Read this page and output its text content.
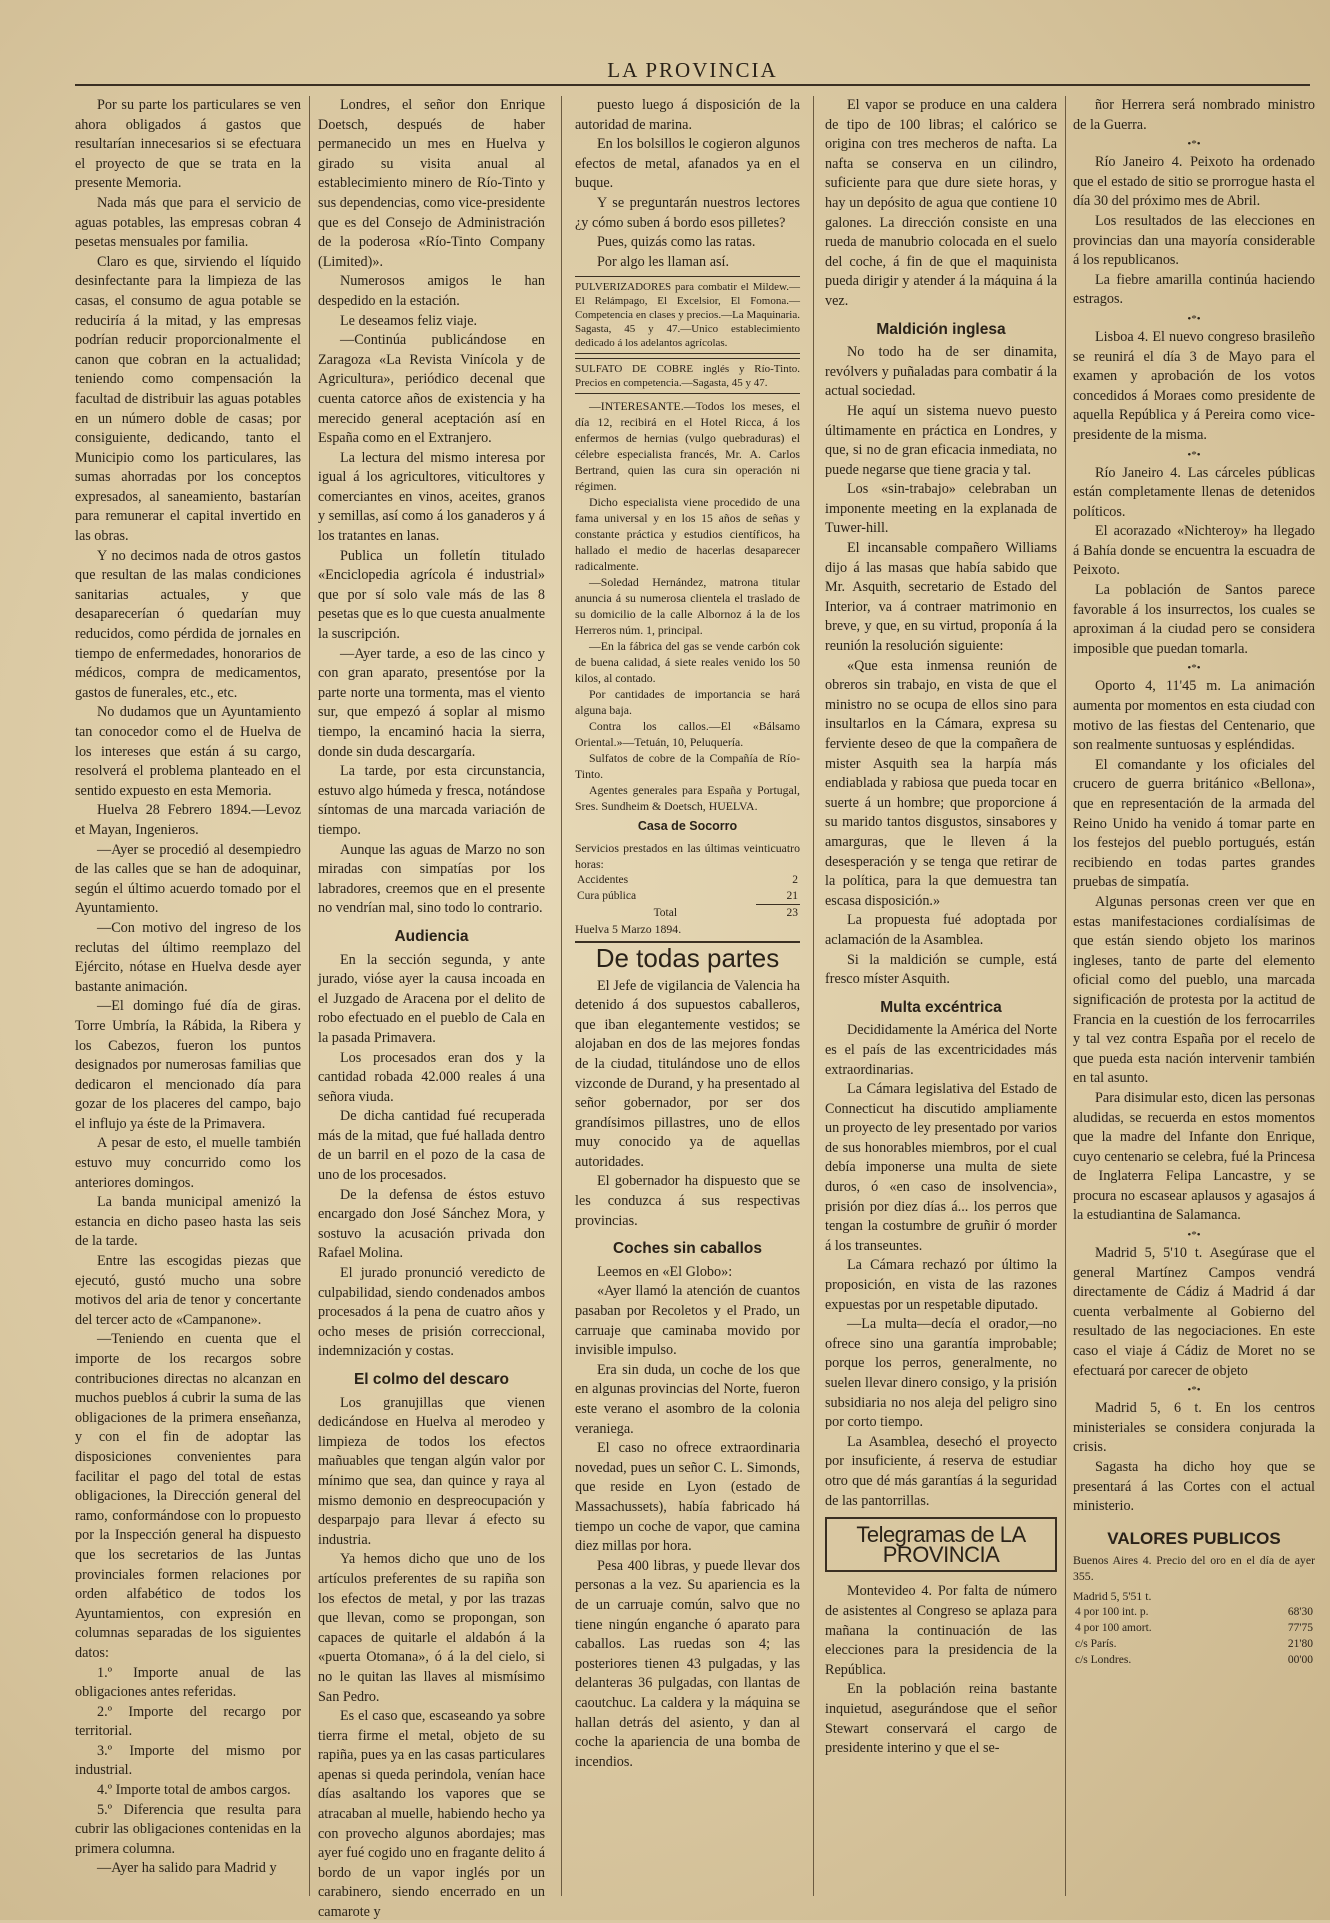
LA PROVINCIA

Por su parte los particulares se ven ahora obligados á gastos que resultarían innecesarios si se efectuara el proyecto de que se trata en la presente Memoria.

Nada más que para el servicio de aguas potables, las empresas cobran 4 pesetas mensuales por familia.

Claro es que, sirviendo el líquido desinfectante para la limpieza de las casas, el consumo de agua potable se reduciría á la mitad, y las empresas podrían reducir proporcionalmente el canon que cobran en la actualidad; teniendo como compensación la facultad de distribuir las aguas potables en un número doble de casas; por consiguiente, dedicando, tanto el Municipio como los particulares, las sumas ahorradas por los conceptos expresados, al saneamiento, bastarían para remunerar el capital invertido en las obras.

Y no decimos nada de otros gastos que resultan de las malas condiciones sanitarias actuales, y que desaparecerían ó quedarían muy reducidos, como pérdida de jornales en tiempo de enfermedades, honorarios de médicos, compra de medicamentos, gastos de funerales, etc., etc.

No dudamos que un Ayuntamiento tan conocedor como el de Huelva de los intereses que están á su cargo, resolverá el problema planteado en el sentido expuesto en esta Memoria.

Huelva 28 Febrero 1894.—Levoz et Mayan, Ingenieros.

—Ayer se procedió al desempiedro de las calles que se han de adoquinar, según el último acuerdo tomado por el Ayuntamiento.

—Con motivo del ingreso de los reclutas del último reemplazo del Ejército, nótase en Huelva desde ayer bastante animación.

—El domingo fué día de giras. Torre Umbría, la Rábida, la Ribera y los Cabezos, fueron los puntos designados por numerosas familias que dedicaron el mencionado día para gozar de los placeres del campo, bajo el influjo ya éste de la Primavera.

A pesar de esto, el muelle también estuvo muy concurrido como los anteriores domingos.

La banda municipal amenizó la estancia en dicho paseo hasta las seis de la tarde.

Entre las escogidas piezas que ejecutó, gustó mucho una sobre motivos del aria de tenor y concertante del tercer acto de «Campanone».

—Teniendo en cuenta que el importe de los recargos sobre contribuciones directas no alcanzan en muchos pueblos á cubrir la suma de las obligaciones de la primera enseñanza, y con el fin de adoptar las disposiciones convenientes para facilitar el pago del total de estas obligaciones, la Dirección general del ramo, conformándose con lo propuesto por la Inspección general ha dispuesto que los secretarios de las Juntas provinciales formen relaciones por orden alfabético de todos los Ayuntamientos, con expresión en columnas separadas de los siguientes datos:

1.º Importe anual de las obligaciones antes referidas.

2.º Importe del recargo por territorial.

3.º Importe del mismo por industrial.

4.º Importe total de ambos cargos.

5.º Diferencia que resulta para cubrir las obligaciones contenidas en la primera columna.

—Ayer ha salido para Madrid y

Londres, el señor don Enrique Doetsch, después de haber permanecido un mes en Huelva y girado su visita anual al establecimiento minero de Río-Tinto y sus dependencias, como vice-presidente que es del Consejo de Administración de la poderosa «Río-Tinto Company (Limited)».

Numerosos amigos le han despedido en la estación.

Le deseamos feliz viaje.

—Continúa publicándose en Zaragoza «La Revista Vinícola y de Agricultura», periódico decenal que cuenta catorce años de existencia y ha merecido general aceptación así en España como en el Extranjero.

La lectura del mismo interesa por igual á los agricultores, viticultores y comerciantes en vinos, aceites, granos y semillas, así como á los ganaderos y á los tratantes en lanas.

Publica un folletín titulado «Enciclopedia agrícola é industrial» que por sí solo vale más de las 8 pesetas que es lo que cuesta anualmente la suscripción.

—Ayer tarde, a eso de las cinco y con gran aparato, presentóse por la parte norte una tormenta, mas el viento sur, que empezó á soplar al mismo tiempo, la encaminó hacia la sierra, donde sin duda descargaría.

La tarde, por esta circunstancia, estuvo algo húmeda y fresca, notándose síntomas de una marcada variación de tiempo.

Aunque las aguas de Marzo no son miradas con simpatías por los labradores, creemos que en el presente no vendrían mal, sino todo lo contrario.

Audiencia

En la sección segunda, y ante jurado, vióse ayer la causa incoada en el Juzgado de Aracena por el delito de robo efectuado en el pueblo de Cala en la pasada Primavera.

Los procesados eran dos y la cantidad robada 42.000 reales á una señora viuda.

De dicha cantidad fué recuperada más de la mitad, que fué hallada dentro de un barril en el pozo de la casa de uno de los procesados.

De la defensa de éstos estuvo encargado don José Sánchez Mora, y sostuvo la acusación privada don Rafael Molina.

El jurado pronunció veredicto de culpabilidad, siendo condenados ambos procesados á la pena de cuatro años y ocho meses de prisión correccional, indemnización y costas.

El colmo del descaro

Los granujillas que vienen dedicándose en Huelva al merodeo y limpieza de todos los efectos mañuables que tengan algún valor por mínimo que sea, dan quince y raya al mismo demonio en despreocupación y desparpajo para llevar á efecto su industria.

Ya hemos dicho que uno de los artículos preferentes de su rapiña son los efectos de metal, y por las trazas que llevan, como se propongan, son capaces de quitarle el aldabón á la «puerta Otomana», ó á la del cielo, si no le quitan las llaves al mismísimo San Pedro.

Es el caso que, escaseando ya sobre tierra firme el metal, objeto de su rapiña, pues ya en las casas particulares apenas si queda perindola, venían hace días asaltando los vapores que se atracaban al muelle, habiendo hecho ya con provecho algunos abordajes; mas ayer fué cogido uno en fragante delito á bordo de un vapor inglés por un carabinero, siendo encerrado en un camarote y

puesto luego á disposición de la autoridad de marina.

En los bolsillos le cogieron algunos efectos de metal, afanados ya en el buque.

Y se preguntarán nuestros lectores ¿y cómo suben á bordo esos pilletes?

Pues, quizás como las ratas.

Por algo les llaman así.

PULVERIZADORES para combatir el Mildew.—El Relámpago, El Excelsior, El Fomona.—Competencia en clases y precios.—La Maquinaria. Sagasta, 45 y 47.—Unico establecimiento dedicado á los adelantos agrícolas.
SULFATO DE COBRE inglés y Río-Tinto. Precios en competencia.—Sagasta, 45 y 47.

—INTERESANTE.—Todos los meses, el día 12, recibirá en el Hotel Ricca, á los enfermos de hernias (vulgo quebraduras) el célebre especialista francés, Mr. A. Carlos Bertrand, quien las cura sin operación ni régimen.

Dicho especialista viene procedido de una fama universal y en los 15 años de señas y constante práctica y estudios científicos, ha hallado el medio de hacerlas desaparecer radicalmente.

—Soledad Hernández, matrona titular anuncia á su numerosa clientela el traslado de su domicilio de la calle Albornoz á la de los Herreros núm. 1, principal.

—En la fábrica del gas se vende carbón cok de buena calidad, á siete reales venido los 50 kilos, al contado.

Por cantidades de importancia se hará alguna baja.

Contra los callos.—El «Bálsamo Oriental.»—Tetuán, 10, Peluquería.

Sulfatos de cobre de la Compañía de Río-Tinto.

Agentes generales para España y Portugal, Sres. Sundheim & Doetsch, HUELVA.

Casa de Socorro
Servicios prestados en las últimas veinticuatro horas:
Accidentes	2
Cura pública	21
Total	23
Huelva 5 Marzo 1894.
De todas partes

El Jefe de vigilancia de Valencia ha detenido á dos supuestos caballeros, que iban elegantemente vestidos; se alojaban en dos de las mejores fondas de la ciudad, titulándose uno de ellos vizconde de Durand, y ha presentado al señor gobernador, por ser dos grandísimos pillastres, uno de ellos muy conocido ya de aquellas autoridades.

El gobernador ha dispuesto que se les conduzca á sus respectivas provincias.

Coches sin caballos

Leemos en «El Globo»:

«Ayer llamó la atención de cuantos pasaban por Recoletos y el Prado, un carruaje que caminaba movido por invisible impulso.

Era sin duda, un coche de los que en algunas provincias del Norte, fueron este verano el asombro de la colonia veraniega.

El caso no ofrece extraordinaria novedad, pues un señor C. L. Simonds, que reside en Lyon (estado de Massachussets), había fabricado há tiempo un coche de vapor, que camina diez millas por hora.

Pesa 400 libras, y puede llevar dos personas a la vez. Su apariencia es la de un carruaje común, salvo que no tiene ningún enganche ó aparato para caballos. Las ruedas son 4; las posteriores tienen 43 pulgadas, y las delanteras 36 pulgadas, con llantas de caoutchuc. La caldera y la máquina se hallan detrás del asiento, y dan al coche la apariencia de una bomba de incendios.

El vapor se produce en una caldera de tipo de 100 libras; el calórico se origina con tres mecheros de nafta. La nafta se conserva en un cilindro, suficiente para que dure siete horas, y hay un depósito de agua que contiene 10 galones. La dirección consiste en una rueda de manubrio colocada en el suelo del coche, á fin de que el maquinista pueda dirigir y atender á la máquina á la vez.

Maldición inglesa

No todo ha de ser dinamita, revólvers y puñaladas para combatir á la actual sociedad.

He aquí un sistema nuevo puesto últimamente en práctica en Londres, y que, si no de gran eficacia inmediata, no puede negarse que tiene gracia y tal.

Los «sin-trabajo» celebraban un imponente meeting en la explanada de Tuwer-hill.

El incansable compañero Williams dijo á las masas que había sabido que Mr. Asquith, secretario de Estado del Interior, va á contraer matrimonio en breve, y que, en su virtud, proponía á la reunión la resolución siguiente:

«Que esta inmensa reunión de obreros sin trabajo, en vista de que el ministro no se ocupa de ellos sino para insultarlos en la Cámara, expresa su ferviente deseo de que la compañera de mister Asquith sea la harpía más endiablada y rabiosa que pueda tocar en suerte á un hombre; que proporcione á su marido tantos disgustos, sinsabores y amarguras, que le lleven á la desesperación y se tenga que retirar de la política, para la que demuestra tan escasa disposición.»

La propuesta fué adoptada por aclamación de la Asamblea.

Si la maldición se cumple, está fresco míster Asquith.

Multa excéntrica

Decididamente la América del Norte es el país de las excentricidades más extraordinarias.

La Cámara legislativa del Estado de Connecticut ha discutido ampliamente un proyecto de ley presentado por varios de sus honorables miembros, por el cual debía imponerse una multa de siete duros, ó «en caso de insolvencia», prisión por diez días á... los perros que tengan la costumbre de gruñir ó morder á los transeuntes.

La Cámara rechazó por último la proposición, en vista de las razones expuestas por un respetable diputado.

—La multa—decía el orador,—no ofrece sino una garantía improbable; porque los perros, generalmente, no suelen llevar dinero consigo, y la prisión subsidiaria no nos aleja del peligro sino por corto tiempo.

La Asamblea, desechó el proyecto por insuficiente, á reserva de estudiar otro que dé más garantías á la seguridad de las pantorrillas.

Telegramas de LA PROVINCIA

Montevideo 4. Por falta de número de asistentes al Congreso se aplaza para mañana la continuación de las elecciones para la presidencia de la República.

En la población reina bastante inquietud, asegurándose que el señor Stewart conservará el cargo de presidente interino y que el se-

ñor Herrera será nombrado ministro de la Guerra.

•*•

Río Janeiro 4. Peixoto ha ordenado que el estado de sitio se prorrogue hasta el día 30 del próximo mes de Abril.

Los resultados de las elecciones en provincias dan una mayoría considerable á los republicanos.

La fiebre amarilla continúa haciendo estragos.

•*•

Lisboa 4. El nuevo congreso brasileño se reunirá el día 3 de Mayo para el examen y aprobación de los votos concedidos á Moraes como presidente de aquella República y á Pereira como vice-presidente de la misma.

•*•

Río Janeiro 4. Las cárceles públicas están completamente llenas de detenidos políticos.

El acorazado «Nichteroy» ha llegado á Bahía donde se encuentra la escuadra de Peixoto.

La población de Santos parece favorable á los insurrectos, los cuales se aproximan á la ciudad pero se considera imposible que puedan tomarla.

•*•

Oporto 4, 11'45 m. La animación aumenta por momentos en esta ciudad con motivo de las fiestas del Centenario, que son realmente suntuosas y espléndidas.

El comandante y los oficiales del crucero de guerra británico «Bellona», que en representación de la armada del Reino Unido ha venido á tomar parte en los festejos del pueblo portugués, están recibiendo en todas partes grandes pruebas de simpatía.

Algunas personas creen ver que en estas manifestaciones cordialísimas de que están siendo objeto los marinos ingleses, tanto de parte del elemento oficial como del pueblo, una marcada significación de protesta por la actitud de Francia en la cuestión de los ferrocarriles y tal vez contra España por el recelo de que pueda esta nación intervenir también en tal asunto.

Para disimular esto, dicen las personas aludidas, se recuerda en estos momentos que la madre del Infante don Enrique, cuyo centenario se celebra, fué la Princesa de Inglaterra Felipa Lancastre, y se procura no escasear aplausos y agasajos á la estudiantina de Salamanca.

•*•

Madrid 5, 5'10 t. Asegúrase que el general Martínez Campos vendrá directamente de Cádiz á Madrid á dar cuenta verbalmente al Gobierno del resultado de las negociaciones. En este caso el viaje á Cádiz de Moret no se efectuará por carecer de objeto

•*•

Madrid 5, 6 t. En los centros ministeriales se considera conjurada la crisis.

Sagasta ha dicho hoy que se presentará á las Cortes con el actual ministerio.

VALORES PUBLICOS
Buenos Aires 4. Precio del oro en el día de ayer 355.
Madrid 5, 5'51 t.
4 por 100 int. p.	68'30
4 por 100 amort.	77'75
c/s París.	21'80
c/s Londres.	00'00
